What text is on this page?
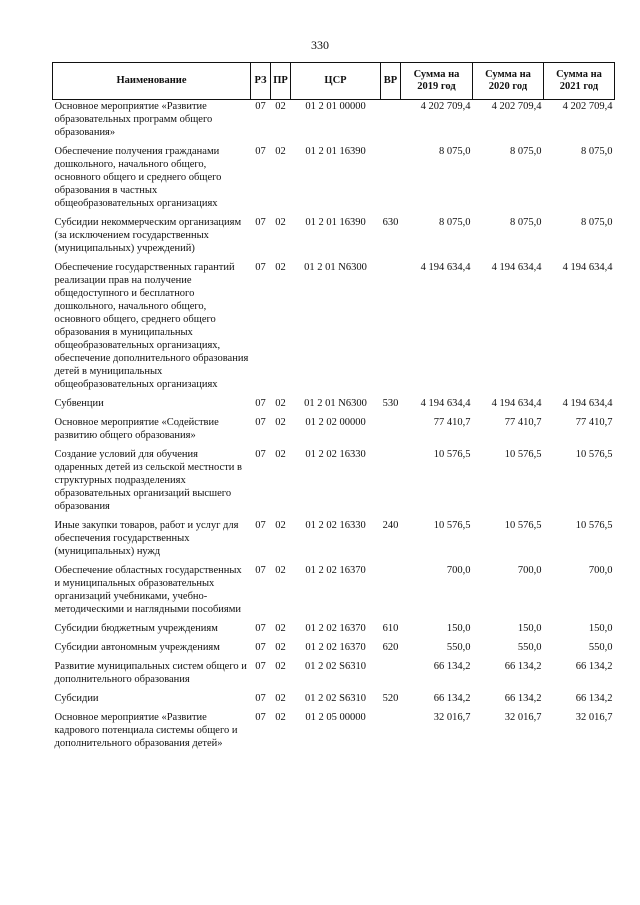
330
Наименование	РЗ	ПР	ЦСР	ВР	Сумма на 2019 год	Сумма на 2020 год	Сумма на 2021 год
Основное мероприятие «Развитие образовательных программ общего образования»	07	02	01 2 01 00000		4 202 709,4	4 202 709,4	4 202 709,4
Обеспечение получения гражданами дошкольного, начального общего, основного общего и среднего общего образования в частных общеобразовательных организациях	07	02	01 2 01 16390		8 075,0	8 075,0	8 075,0
Субсидии некоммерческим организациям (за исключением государственных (муниципальных) учреждений)	07	02	01 2 01 16390	630	8 075,0	8 075,0	8 075,0
Обеспечение государственных гарантий реализации прав на получение общедоступного и бесплатного дошкольного, начального общего, основного общего, среднего общего образования в муниципальных общеобразовательных организациях, обеспечение дополнительного образования детей в муниципальных общеобразовательных организациях	07	02	01 2 01 N6300		4 194 634,4	4 194 634,4	4 194 634,4
Субвенции	07	02	01 2 01 N6300	530	4 194 634,4	4 194 634,4	4 194 634,4
Основное мероприятие «Содействие развитию общего образования»	07	02	01 2 02 00000		77 410,7	77 410,7	77 410,7
Создание условий для обучения одаренных детей из сельской местности в структурных подразделениях образовательных организаций высшего образования	07	02	01 2 02 16330		10 576,5	10 576,5	10 576,5
Иные закупки товаров, работ и услуг для обеспечения государственных (муниципальных) нужд	07	02	01 2 02 16330	240	10 576,5	10 576,5	10 576,5
Обеспечение областных государственных и муниципальных образовательных организаций учебниками, учебно-методическими и наглядными пособиями	07	02	01 2 02 16370		700,0	700,0	700,0
Субсидии бюджетным учреждениям	07	02	01 2 02 16370	610	150,0	150,0	150,0
Субсидии автономным учреждениям	07	02	01 2 02 16370	620	550,0	550,0	550,0
Развитие муниципальных систем общего и дополнительного образования	07	02	01 2 02 S6310		66 134,2	66 134,2	66 134,2
Субсидии	07	02	01 2 02 S6310	520	66 134,2	66 134,2	66 134,2
Основное мероприятие «Развитие кадрового потенциала системы общего и дополнительного образования детей»	07	02	01 2 05 00000		32 016,7	32 016,7	32 016,7
